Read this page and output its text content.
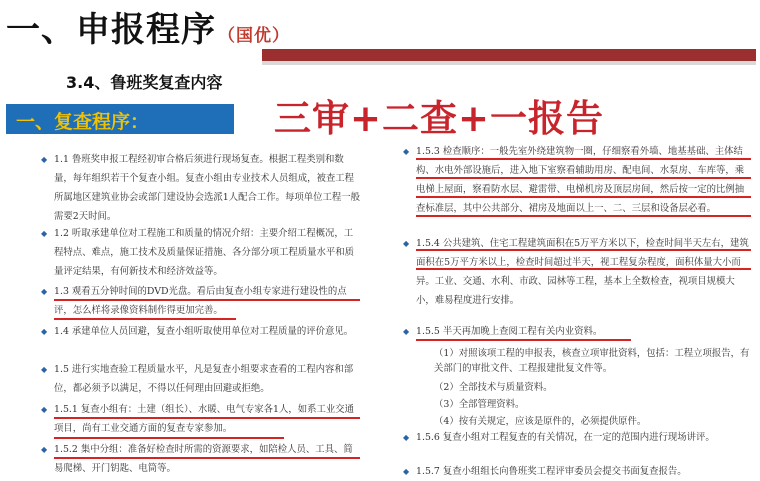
一、申报程序 （国优）
3.4、鲁班奖复查内容
一、复查程序：	三审+二查+一报告
◆ 1.1 鲁班奖申报工程经初审合格后须进行现场复查。根据工程类别和数量，每年组织若干个复查小组。复查小组由专业技术人员组成，被查工程所属地区建筑业协会或部门建设协会选派1人配合工作。每项单位工程一般需要2天时间。
◆ 1.2 听取承建单位对工程施工和质量的情况介绍：主要介绍工程概况，工程特点、难点，施工技术及质量保证措施、各分部分项工程质量水平和质量评定结果，有何新技术和经济效益等。
◆ 1.3 观看五分钟时间的DVD光盘。看后由复查小组专家进行建设性的点评，怎么样将录像资料制作得更加完善。
◆ 1.4 承建单位人员回避，复查小组听取使用单位对工程质量的评价意见。
◆ 1.5 进行实地查验工程质量水平，凡是复查小组要求查看的工程内容和部位，都必须予以满足，不得以任何理由回避或拒绝。
◆ 1.5.1 复查小组有：土建（组长）、水暖、电气专家各1人，如系工业交通项目，尚有工业交通方面的复查专家参加。
◆ 1.5.2 集中分组：准备好检查时所需的资源要求，如陪检人员、工具、简易爬梯、开门钥匙、电筒等。
◆ 1.5.3 检查顺序：一般先室外绕建筑物一圈，仔细察看外墙、地基基础、主体结构、水电外部设施后，进入地下室察看辅助用房、配电间、水泵房、车库等，乘电梯上屋面，察看防水层、避雷带、电梯机房及顶层房间，然后按一定的比例抽查标准层，其中公共部分、裙房及地面以上一、二、三层和设备层必看。
◆ 1.5.4 公共建筑、住宅工程建筑面积在5万平方米以下，检查时间半天左右，建筑面积在5万平方米以上，检查时间超过半天，视工程复杂程度，面积体量大小而异。工业、交通、水利、市政、园林等工程，基本上全数检查，视项目规模大小，难易程度进行安排。
◆ 1.5.5 半天再加晚上查阅工程有关内业资料。
◆ 1.5.6 复查小组对工程复查的有关情况，在一定的范围内进行现场讲评。
◆ 1.5.7 复查小组组长向鲁班奖工程评审委员会提交书面复查报告。
（1）对照该项工程的申报表，核查立项审批资料，包括：工程立项报告，有关部门的审批文件、工程报建批复文件等。
（2）全部技术与质量资料。
（3）全部管理资料。
（4）按有关规定，应该是原件的，必须提供原件。
